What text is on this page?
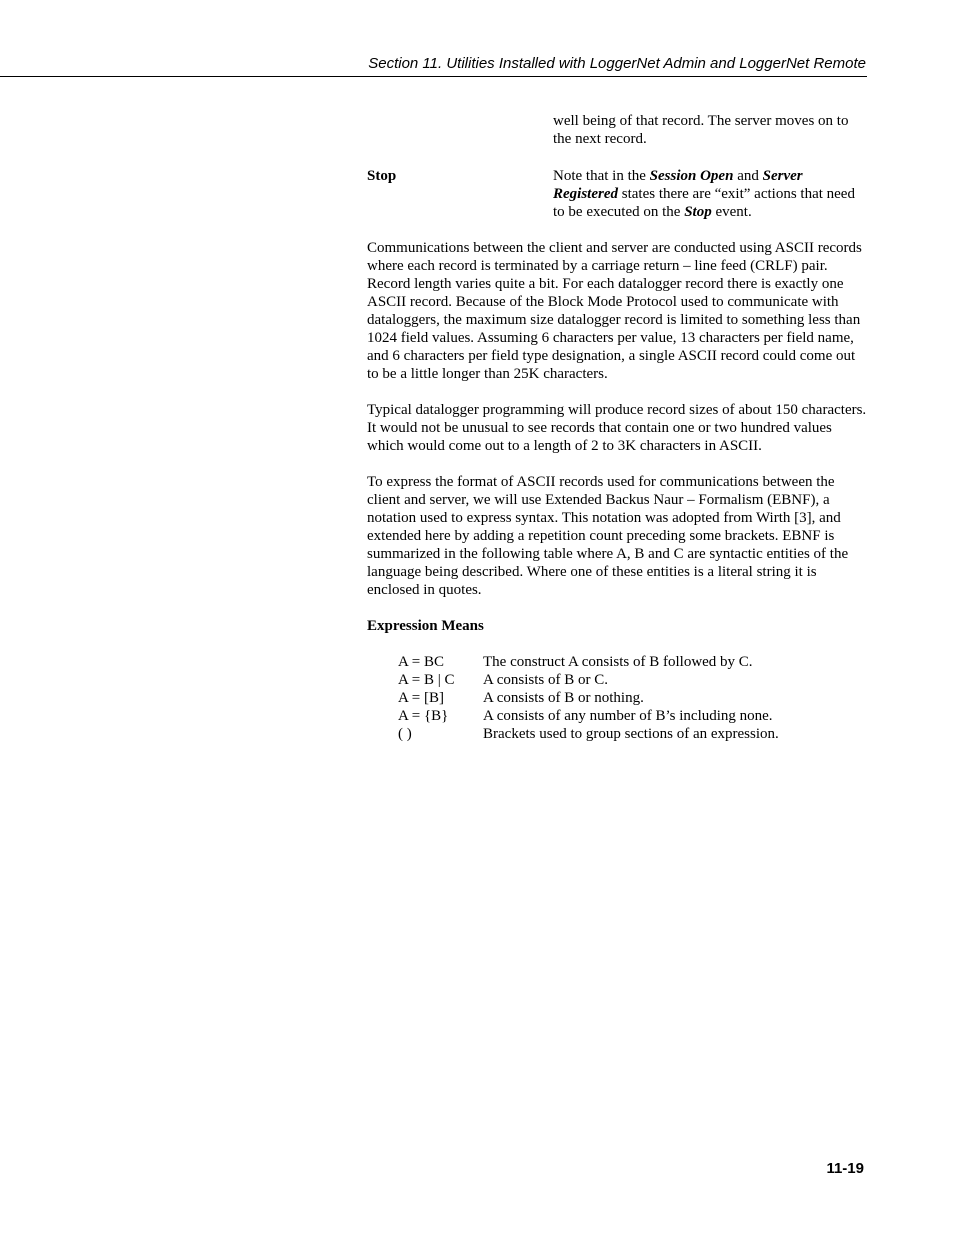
Section 11. Utilities Installed with LoggerNet Admin and LoggerNet Remote
well being of that record. The server moves on to the next record.
Stop	Note that in the Session Open and Server Registered states there are “exit” actions that need to be executed on the Stop event.

Communications between the client and server are conducted using ASCII records where each record is terminated by a carriage return – line feed (CRLF) pair. Record length varies quite a bit. For each datalogger record there is exactly one ASCII record. Because of the Block Mode Protocol used to communicate with dataloggers, the maximum size datalogger record is limited to something less than 1024 field values. Assuming 6 characters per value, 13 characters per field name, and 6 characters per field type designation, a single ASCII record could come out to be a little longer than 25K characters.

Typical datalogger programming will produce record sizes of about 150 characters. It would not be unusual to see records that contain one or two hundred values which would come out to a length of 2 to 3K characters in ASCII.

To express the format of ASCII records used for communications between the client and server, we will use Extended Backus Naur – Formalism (EBNF), a notation used to express syntax. This notation was adopted from Wirth [3], and extended here by adding a repetition count preceding some brackets. EBNF is summarized in the following table where A, B and C are syntactic entities of the language being described. Where one of these entities is a literal string it is enclosed in quotes.

Expression Means
A = BC	The construct A consists of B followed by C.
A = B | C	A consists of B or C.
A = [B]	A consists of B or nothing.
A = {B}	A consists of any number of B’s including none.
( )	Brackets used to group sections of an expression.
11-19
